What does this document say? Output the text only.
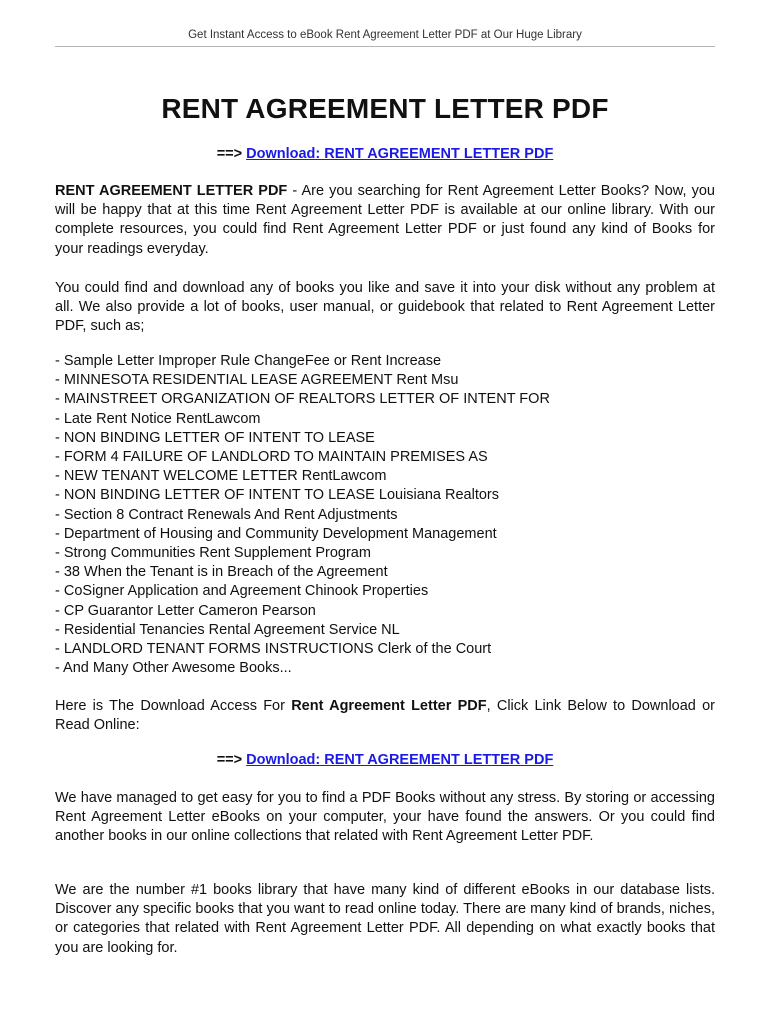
Get Instant Access to eBook Rent Agreement Letter PDF at Our Huge Library
RENT AGREEMENT LETTER PDF
==> Download: RENT AGREEMENT LETTER PDF

RENT AGREEMENT LETTER PDF - Are you searching for Rent Agreement Letter Books? Now, you will be happy that at this time Rent Agreement Letter PDF is available at our online library. With our complete resources, you could find Rent Agreement Letter PDF or just found any kind of Books for your readings everyday.

You could find and download any of books you like and save it into your disk without any problem at all. We also provide a lot of books, user manual, or guidebook that related to Rent Agreement Letter PDF, such as;

- Sample Letter Improper Rule ChangeFee or Rent Increase
- MINNESOTA RESIDENTIAL LEASE AGREEMENT Rent Msu
- MAINSTREET ORGANIZATION OF REALTORS LETTER OF INTENT FOR
- Late Rent Notice RentLawcom
- NON BINDING LETTER OF INTENT TO LEASE
- FORM 4 FAILURE OF LANDLORD TO MAINTAIN PREMISES AS
- NEW TENANT WELCOME LETTER RentLawcom
- NON BINDING LETTER OF INTENT TO LEASE Louisiana Realtors
- Section 8 Contract Renewals And Rent Adjustments
- Department of Housing and Community Development Management
- Strong Communities Rent Supplement Program
- 38 When the Tenant is in Breach of the Agreement
- CoSigner Application and Agreement Chinook Properties
- CP Guarantor Letter Cameron Pearson
- Residential Tenancies Rental Agreement Service NL
- LANDLORD TENANT FORMS INSTRUCTIONS Clerk of the Court
- And Many Other Awesome Books...

Here is The Download Access For Rent Agreement Letter PDF, Click Link Below to Download or Read Online:

==> Download: RENT AGREEMENT LETTER PDF

We have managed to get easy for you to find a PDF Books without any stress. By storing or accessing Rent Agreement Letter eBooks on your computer, your have found the answers. Or you could find another books in our online collections that related with Rent Agreement Letter PDF.

We are the number #1 books library that have many kind of different eBooks in our database lists. Discover any specific books that you want to read online today. There are many kind of brands, niches, or categories that related with Rent Agreement Letter PDF. All depending on what exactly books that you are looking for.
